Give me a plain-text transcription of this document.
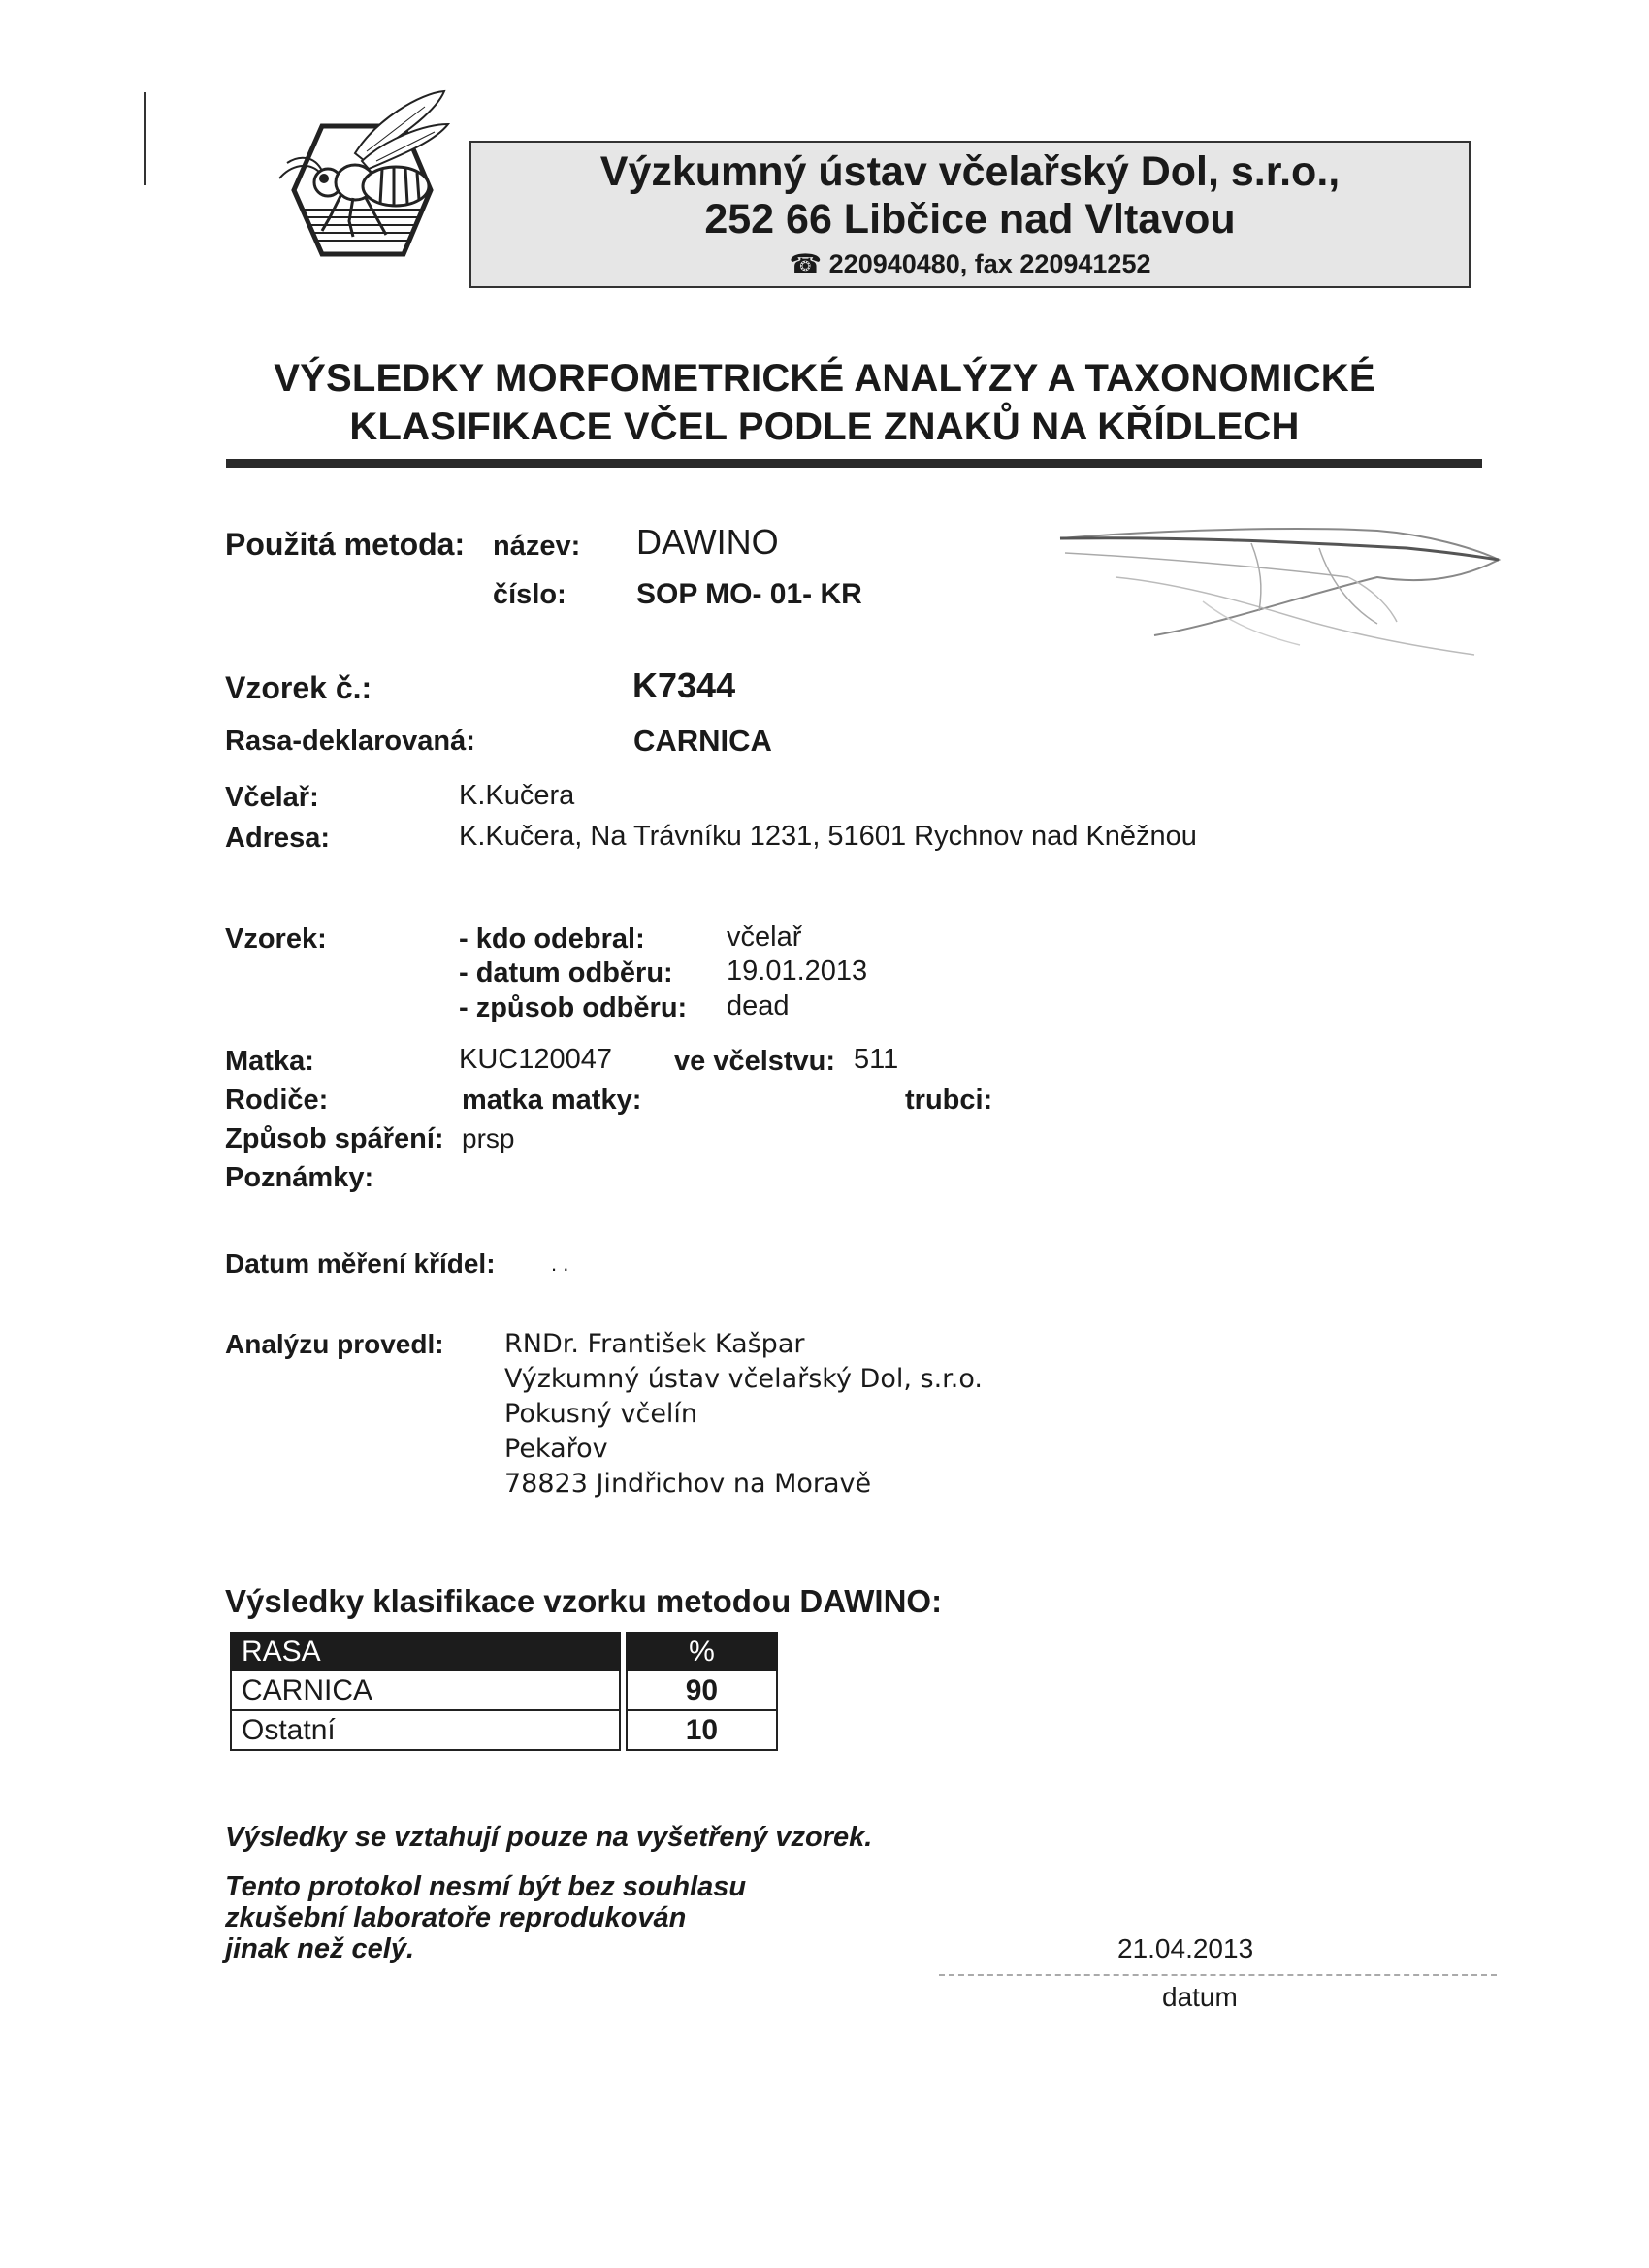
Výzkumný ústav včelařský Dol, s.r.o.,
252 66 Libčice nad Vltavou
☎ 220940480, fax 220941252
VÝSLEDKY MORFOMETRICKÉ ANALÝZY A TAXONOMICKÉ
KLASIFIKACE VČEL PODLE ZNAKŮ NA KŘÍDLECH
Použitá metoda: název: DAWINO
číslo: SOP MO- 01- KR
Vzorek č.:	K7344
Rasa-deklarovaná:	CARNICA
Včelař:	K.Kučera
Adresa:	K.Kučera, Na Trávníku 1231, 51601 Rychnov nad Kněžnou
Vzorek:	- kdo odebral:	včelař
- datum odběru: 19.01.2013
- způsob odběru: dead
Matka:	KUC120047 ve včelstvu: 511
Rodiče:	matka matky:	trubci:
Způsob spáření: prsp
Poznámky:
Datum měření křídel:	. .
Analýzu provedl: RNDr. František Kašpar
Výzkumný ústav včelařský Dol, s.r.o.
Pokusný včelín
Pekařov
78823 Jindřichov na Moravě
Výsledky klasifikace vzorku metodou DAWINO:
RASA	%
CARNICA	90
Ostatní	10
Výsledky se vztahují pouze na vyšetřený vzorek.
Tento protokol nesmí být bez souhlasu
zkušební laboratoře reprodukován
jinak než celý.	21.04.2013
datum
